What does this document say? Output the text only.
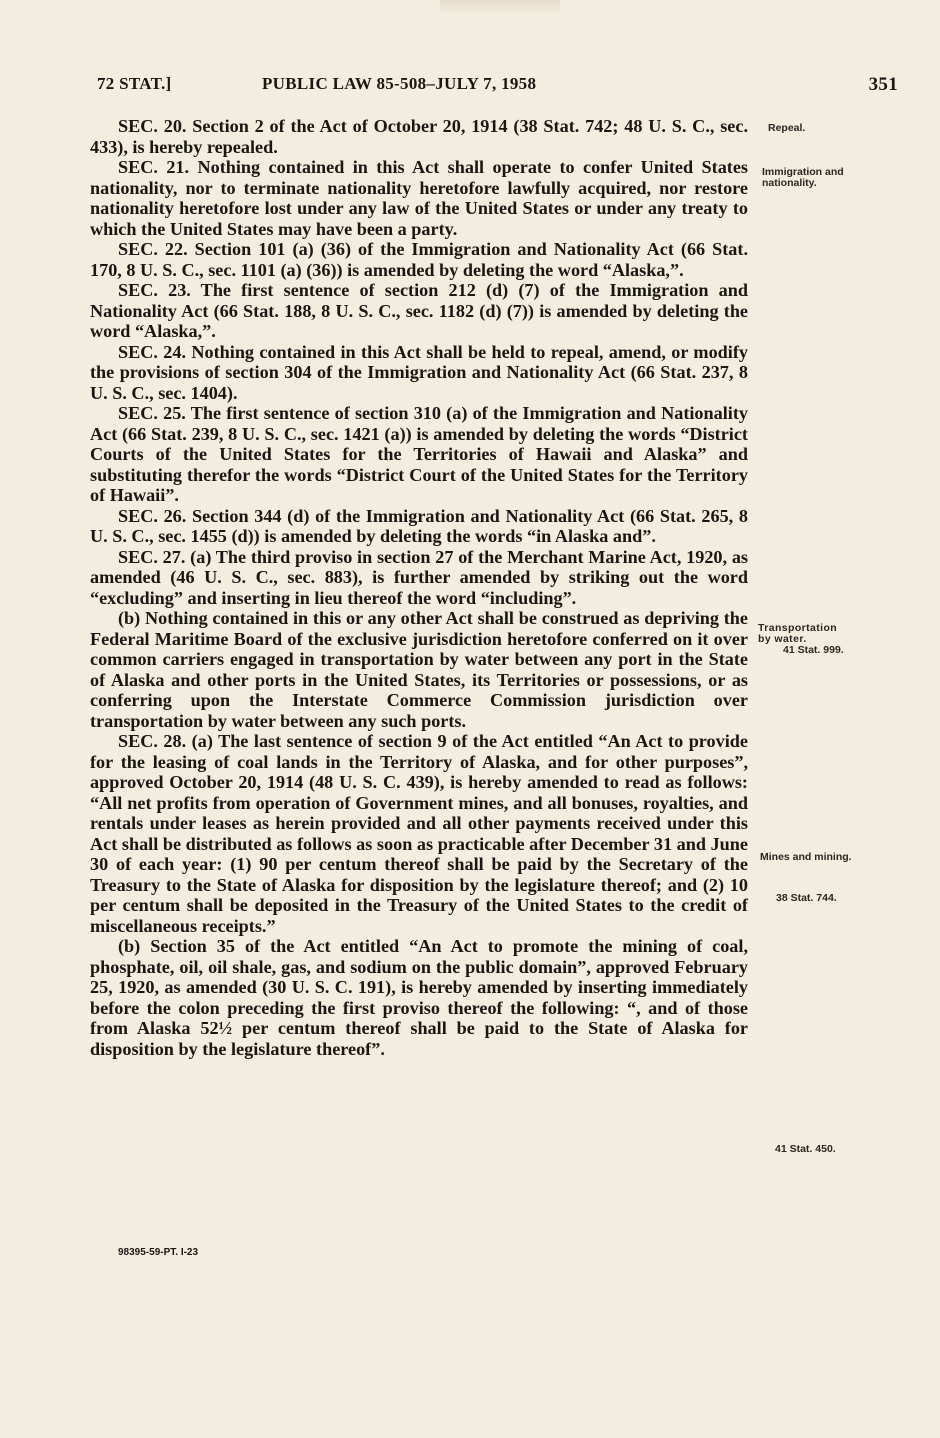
72 STAT.]	PUBLIC LAW 85-508–JULY 7, 1958	351

SEC. 20. Section 2 of the Act of October 20, 1914 (38 Stat. 742; 48 U. S. C., sec. 433), is hereby repealed.

SEC. 21. Nothing contained in this Act shall operate to confer United States nationality, nor to terminate nationality heretofore lawfully acquired, nor restore nationality heretofore lost under any law of the United States or under any treaty to which the United States may have been a party.

SEC. 22. Section 101 (a) (36) of the Immigration and Nationality Act (66 Stat. 170, 8 U. S. C., sec. 1101 (a) (36)) is amended by deleting the word “Alaska,”.

SEC. 23. The first sentence of section 212 (d) (7) of the Immigration and Nationality Act (66 Stat. 188, 8 U. S. C., sec. 1182 (d) (7)) is amended by deleting the word “Alaska,”.

SEC. 24. Nothing contained in this Act shall be held to repeal, amend, or modify the provisions of section 304 of the Immigration and Nationality Act (66 Stat. 237, 8 U. S. C., sec. 1404).

SEC. 25. The first sentence of section 310 (a) of the Immigration and Nationality Act (66 Stat. 239, 8 U. S. C., sec. 1421 (a)) is amended by deleting the words “District Courts of the United States for the Territories of Hawaii and Alaska” and substituting therefor the words “District Court of the United States for the Territory of Hawaii”.

SEC. 26. Section 344 (d) of the Immigration and Nationality Act (66 Stat. 265, 8 U. S. C., sec. 1455 (d)) is amended by deleting the words “in Alaska and”.

SEC. 27. (a) The third proviso in section 27 of the Merchant Marine Act, 1920, as amended (46 U. S. C., sec. 883), is further amended by striking out the word “excluding” and inserting in lieu thereof the word “including”.

(b) Nothing contained in this or any other Act shall be construed as depriving the Federal Maritime Board of the exclusive jurisdiction heretofore conferred on it over common carriers engaged in transportation by water between any port in the State of Alaska and other ports in the United States, its Territories or possessions, or as conferring upon the Interstate Commerce Commission jurisdiction over transportation by water between any such ports.

SEC. 28. (a) The last sentence of section 9 of the Act entitled “An Act to provide for the leasing of coal lands in the Territory of Alaska, and for other purposes”, approved October 20, 1914 (48 U. S. C. 439), is hereby amended to read as follows: “All net profits from operation of Government mines, and all bonuses, royalties, and rentals under leases as herein provided and all other payments received under this Act shall be distributed as follows as soon as practicable after December 31 and June 30 of each year: (1) 90 per centum thereof shall be paid by the Secretary of the Treasury to the State of Alaska for disposition by the legislature thereof; and (2) 10 per centum shall be deposited in the Treasury of the United States to the credit of miscellaneous receipts.”

(b) Section 35 of the Act entitled “An Act to promote the mining of coal, phosphate, oil, oil shale, gas, and sodium on the public domain”, approved February 25, 1920, as amended (30 U. S. C. 191), is hereby amended by inserting immediately before the colon preceding the first proviso thereof the following: “, and of those from Alaska 52½ per centum thereof shall be paid to the State of Alaska for disposition by the legislature thereof”.

Repeal.
Immigration and nationality.
Transportation by water.
41 Stat. 999.
Mines and mining.
38 Stat. 744.
41 Stat. 450.
98395-59-PT. I-23
